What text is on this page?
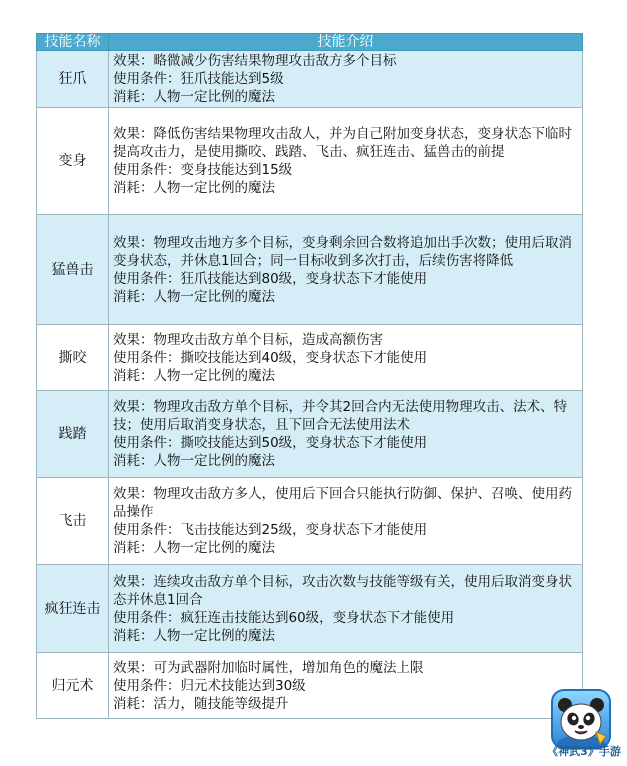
技能名称	技能介绍
狂爪	效果：略微减少伤害结果物理攻击敌方多个目标
使用条件：狂爪技能达到5级
消耗：人物一定比例的魔法

变身	效果：降低伤害结果物理攻击敌人，并为自己附加变身状态，变身状态下临时提高攻击力，是使用撕咬、践踏、飞击、疯狂连击、猛兽击的前提
使用条件：变身技能达到15级
消耗：人物一定比例的魔法

猛兽击	效果：物理攻击地方多个目标，变身剩余回合数将追加出手次数；使用后取消变身状态，并休息1回合；同一目标收到多次打击，后续伤害将降低
使用条件：狂爪技能达到80级，变身状态下才能使用
消耗：人物一定比例的魔法

撕咬	效果：物理攻击敌方单个目标，造成高额伤害
使用条件：撕咬技能达到40级，变身状态下才能使用
消耗：人物一定比例的魔法

践踏	效果：物理攻击敌方单个目标，并令其2回合内无法使用物理攻击、法术、特技；使用后取消变身状态，且下回合无法使用法术
使用条件：撕咬技能达到50级，变身状态下才能使用
消耗：人物一定比例的魔法

飞击	效果：物理攻击敌方多人，使用后下回合只能执行防御、保护、召唤、使用药品操作
使用条件：飞击技能达到25级，变身状态下才能使用
消耗：人物一定比例的魔法

疯狂连击	效果：连续攻击敌方单个目标，攻击次数与技能等级有关，使用后取消变身状态并休息1回合
使用条件：疯狂连击技能达到60级，变身状态下才能使用
消耗：人物一定比例的魔法

归元术	效果：可为武器附加临时属性，增加角色的魔法上限
使用条件：归元术技能达到30级
消耗：活力，随技能等级提升
《神武3》手游
